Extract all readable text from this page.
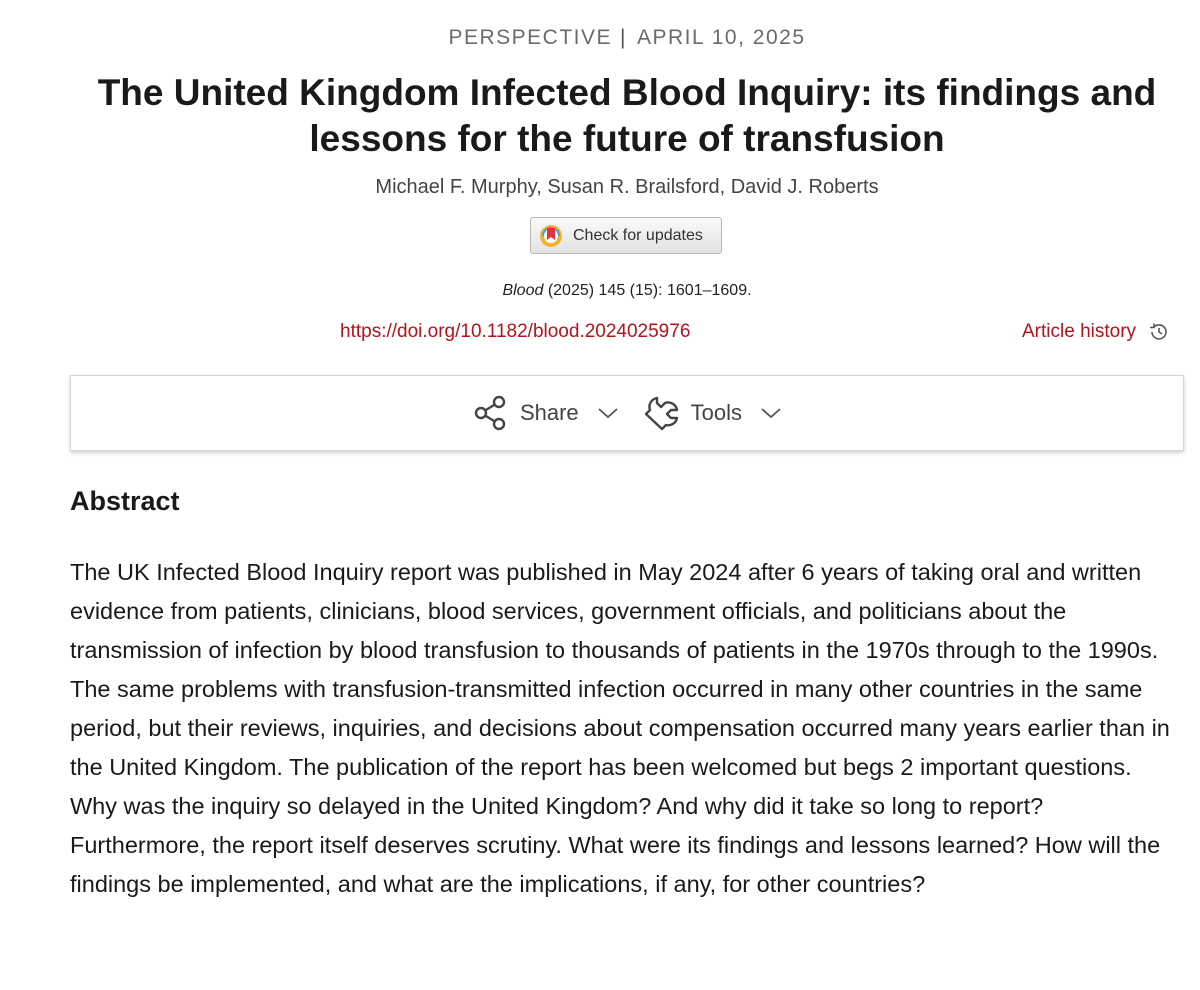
PERSPECTIVE | APRIL 10, 2025
The United Kingdom Infected Blood Inquiry: its findings and lessons for the future of transfusion
Michael F. Murphy, Susan R. Brailsford, David J. Roberts
Check for updates
Blood (2025) 145 (15): 1601–1609.
https://doi.org/10.1182/blood.2024025976	Article history
Share	Tools
Abstract

The UK Infected Blood Inquiry report was published in May 2024 after 6 years of taking oral and written evidence from patients, clinicians, blood services, government officials, and politicians about the transmission of infection by blood transfusion to thousands of patients in the 1970s through to the 1990s. The same problems with transfusion-transmitted infection occurred in many other countries in the same period, but their reviews, inquiries, and decisions about compensation occurred many years earlier than in the United Kingdom. The publication of the report has been welcomed but begs 2 important questions. Why was the inquiry so delayed in the United Kingdom? And why did it take so long to report? Furthermore, the report itself deserves scrutiny. What were its findings and lessons learned? How will the findings be implemented, and what are the implications, if any, for other countries?
